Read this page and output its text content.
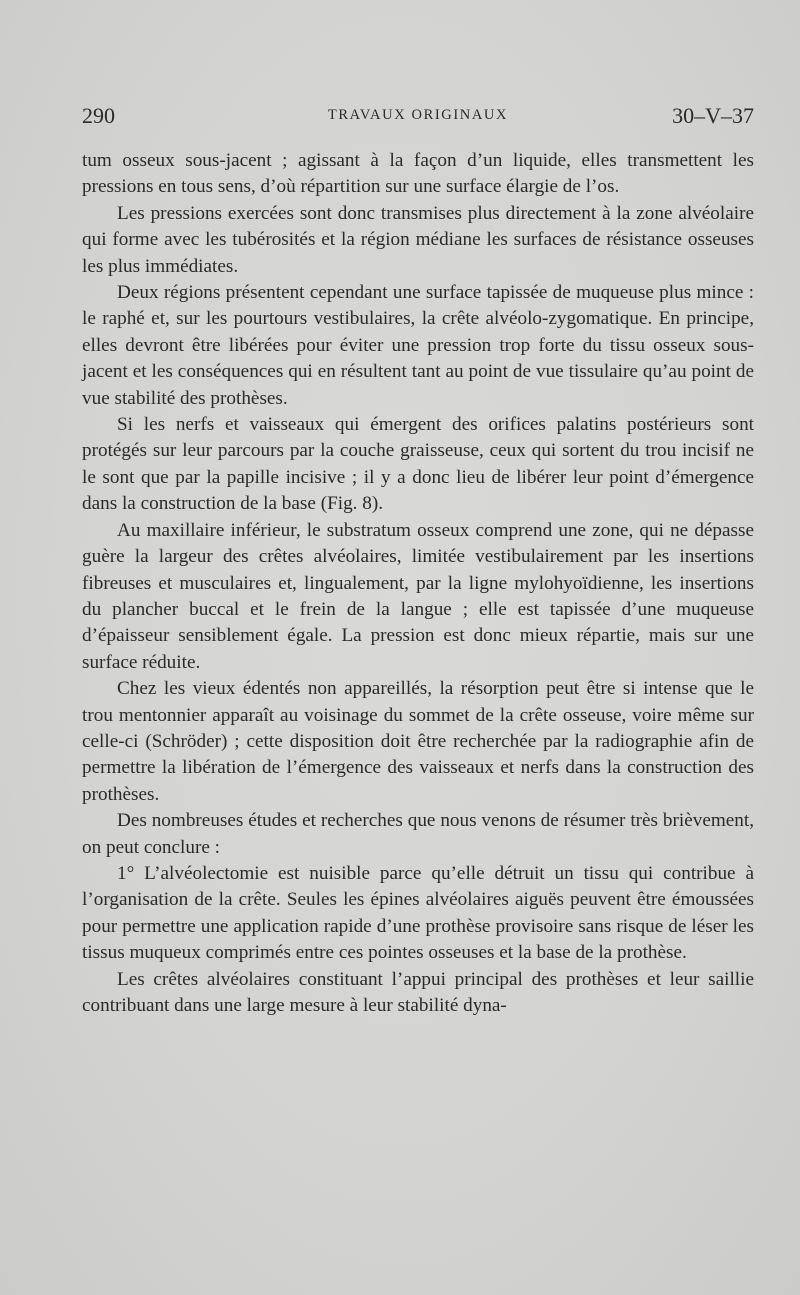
290	TRAVAUX ORIGINAUX	30–V–37

tum osseux sous-jacent ; agissant à la façon d’un liquide, elles transmettent les pressions en tous sens, d’où répartition sur une surface élargie de l’os.

Les pressions exercées sont donc transmises plus directement à la zone alvéolaire qui forme avec les tubérosités et la région médiane les surfaces de résistance osseuses les plus immédiates.

Deux régions présentent cependant une surface tapissée de muqueuse plus mince : le raphé et, sur les pourtours vestibulaires, la crête alvéolo-zygomatique. En principe, elles devront être libérées pour éviter une pression trop forte du tissu osseux sous-jacent et les conséquences qui en résultent tant au point de vue tissulaire qu’au point de vue stabilité des prothèses.

Si les nerfs et vaisseaux qui émergent des orifices palatins postérieurs sont protégés sur leur parcours par la couche graisseuse, ceux qui sortent du trou incisif ne le sont que par la papille incisive ; il y a donc lieu de libérer leur point d’émergence dans la construction de la base (Fig. 8).

Au maxillaire inférieur, le substratum osseux comprend une zone, qui ne dépasse guère la largeur des crêtes alvéolaires, limitée vestibulairement par les insertions fibreuses et musculaires et, lingualement, par la ligne mylohyoïdienne, les insertions du plancher buccal et le frein de la langue ; elle est tapissée d’une muqueuse d’épaisseur sensiblement égale. La pression est donc mieux répartie, mais sur une surface réduite.

Chez les vieux édentés non appareillés, la résorption peut être si intense que le trou mentonnier apparaît au voisinage du sommet de la crête osseuse, voire même sur celle-ci (Schröder) ; cette disposition doit être recherchée par la radiographie afin de permettre la libération de l’émergence des vaisseaux et nerfs dans la construction des prothèses.

Des nombreuses études et recherches que nous venons de résumer très brièvement, on peut conclure :

1° L’alvéolectomie est nuisible parce qu’elle détruit un tissu qui contribue à l’organisation de la crête. Seules les épines alvéolaires aiguës peuvent être émoussées pour permettre une application rapide d’une prothèse provisoire sans risque de léser les tissus muqueux comprimés entre ces pointes osseuses et la base de la prothèse.

Les crêtes alvéolaires constituant l’appui principal des prothèses et leur saillie contribuant dans une large mesure à leur stabilité dyna-
